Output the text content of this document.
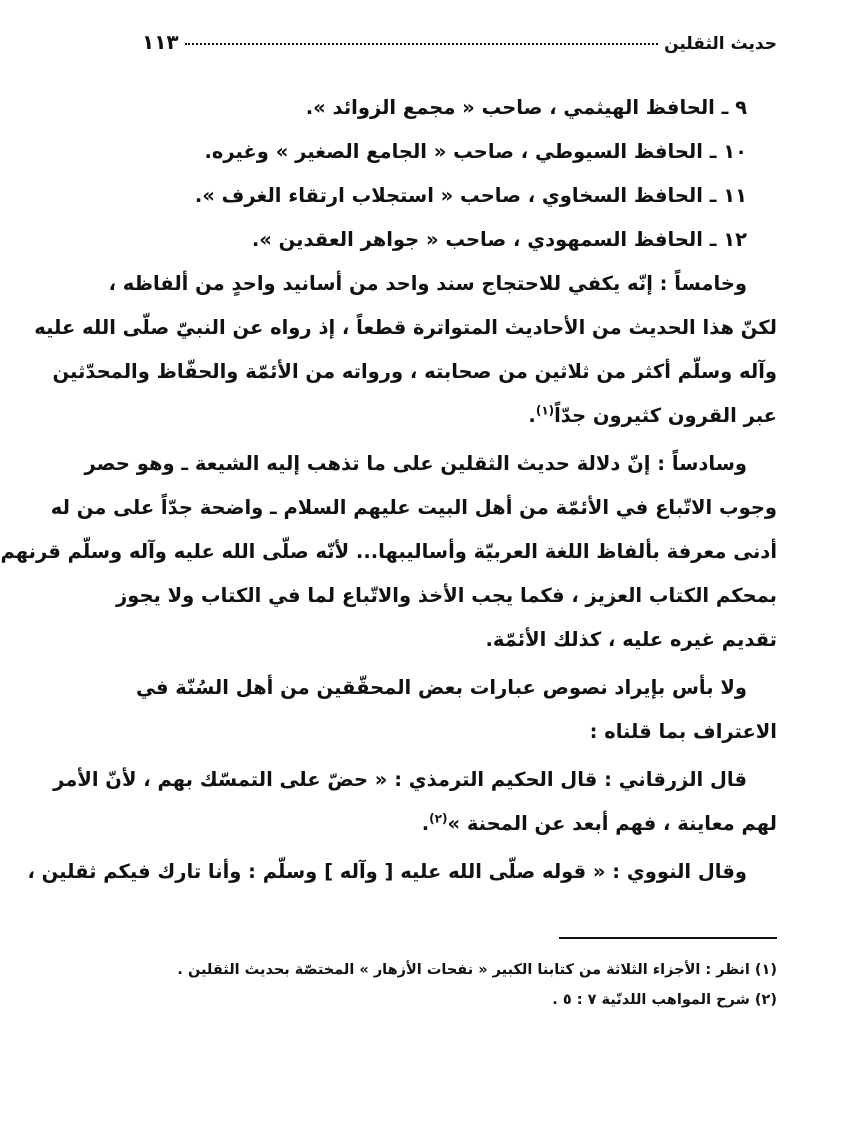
حديث الثقلين
١١٣
٩ ـ الحافظ الهيثمي ، صاحب « مجمع الزوائد ».
١٠ ـ الحافظ السيوطي ، صاحب « الجامع الصغير » وغيره.
١١ ـ الحافظ السخاوي ، صاحب « استجلاب ارتقاء الغرف ».
١٢ ـ الحافظ السمهودي ، صاحب « جواهر العقدين ».
وخامساً : إنّه يكفي للاحتجاج سند واحد من أسانيد واحدٍ من ألفاظه ،
لكنّ هذا الحديث من الأحاديث المتواترة قطعاً ، إذ رواه عن النبيّ صلّى الله عليه
وآله وسلّم أكثر من ثلاثين من صحابته ، ورواته من الأئمّة والحفّاظ والمحدّثين
عبر القرون كثيرون جدّاً$^{(١)}$.
وسادساً : إنّ دلالة حديث الثقلين على ما تذهب إليه الشيعة ـ وهو حصر
وجوب الاتّباع في الأئمّة من أهل البيت عليهم السلام ـ واضحة جدّاً على من له
أدنى معرفة بألفاظ اللغة العربيّة وأساليبها... لأنّه صلّى الله عليه وآله وسلّم قرنهم
بمحكم الكتاب العزيز ، فكما يجب الأخذ والاتّباع لما في الكتاب ولا يجوز
تقديم غيره عليه ، كذلك الأئمّة.
ولا بأس بإيراد نصوص عبارات بعض المحقّقين من أهل السُنّة في
الاعتراف بما قلناه :
قال الزرقاني : قال الحكيم الترمذي : « حضّ على التمسّك بهم ، لأنّ الأمر
لهم معاينة ، فهم أبعد عن المحنة »$^{(٢)}$.
وقال النووي : « قوله صلّى الله عليه [ وآله ] وسلّم : وأنا تارك فيكم ثقلين ،
(١) انظر : الأجزاء الثلاثة من كتابنا الكبير « نفحات الأزهار » المختصّة بحديث الثقلين .
(٢) شرح المواهب اللدنّية ٧ : ٥ .
